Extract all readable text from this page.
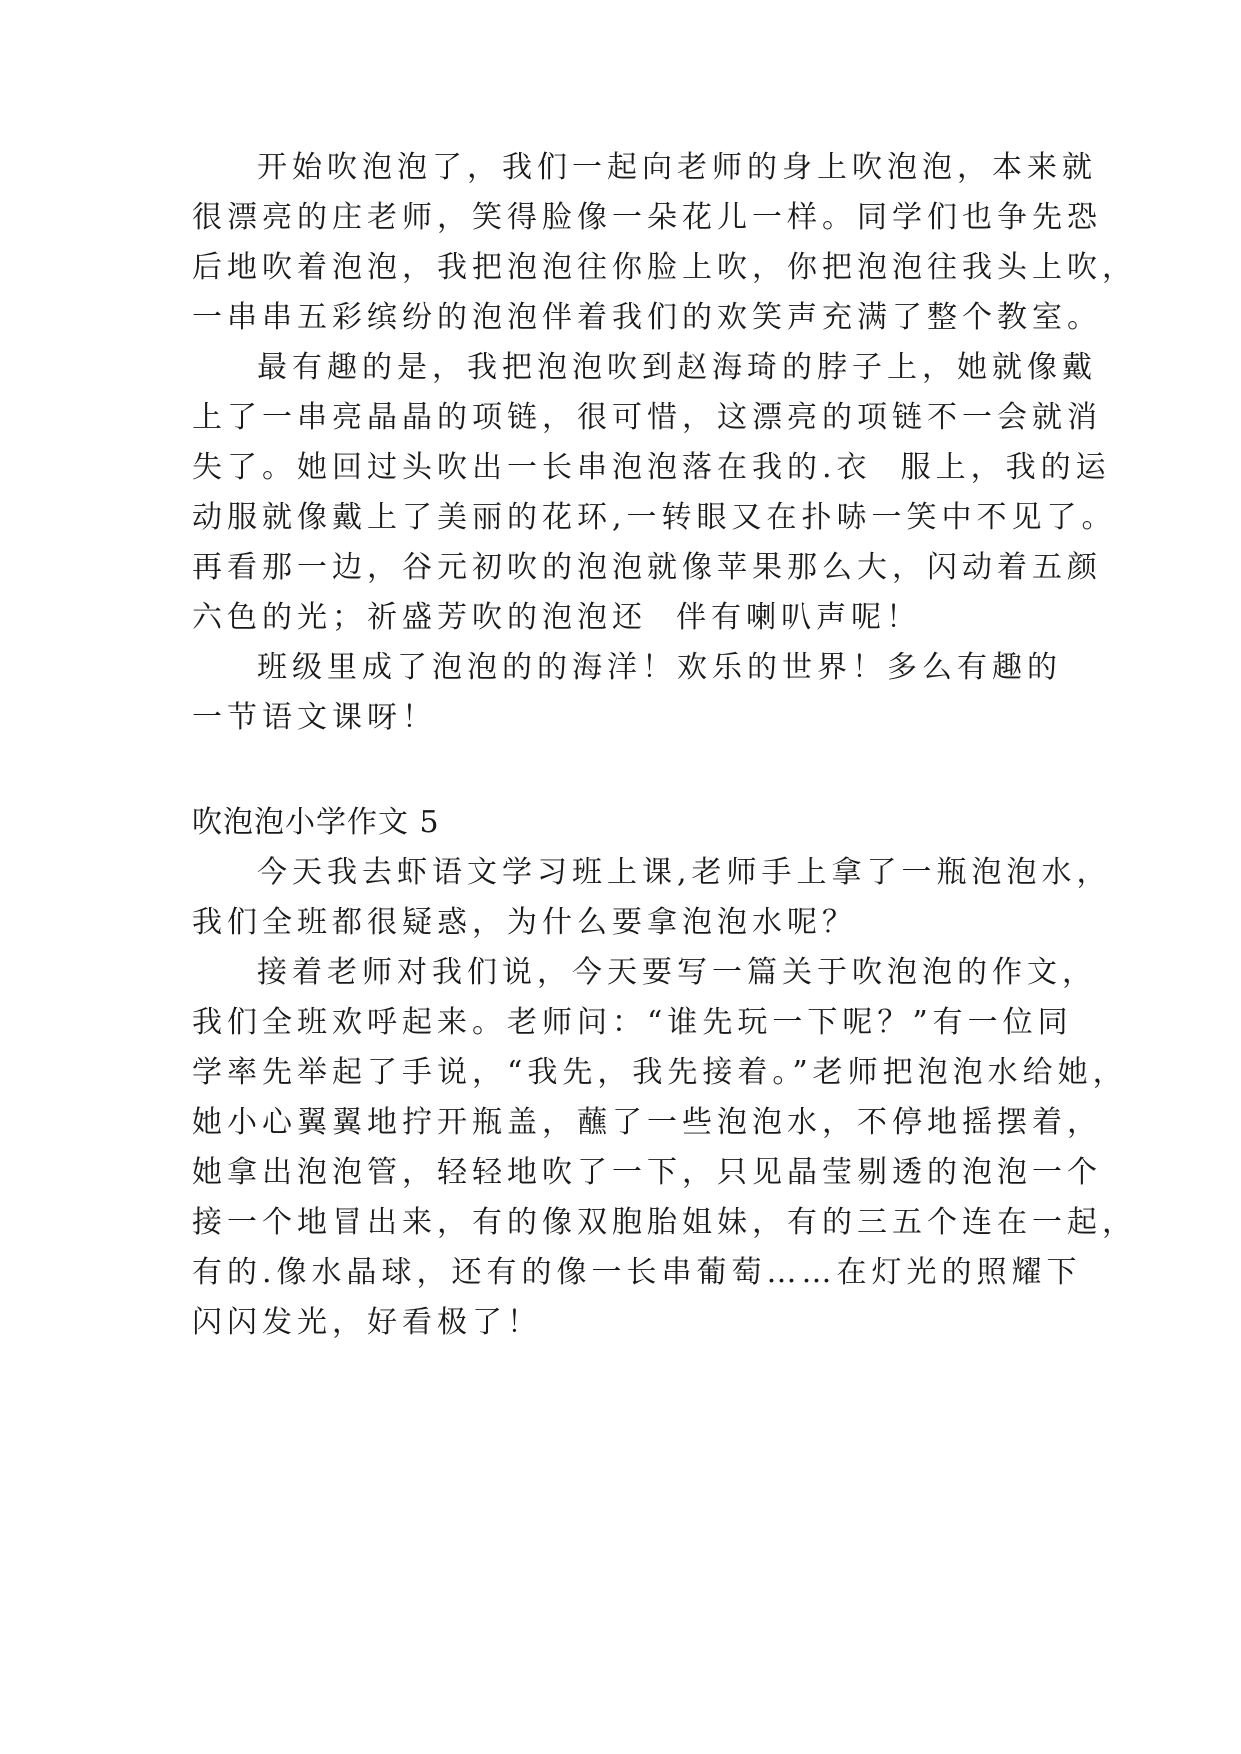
开始吹泡泡了，我们一起向老师的身上吹泡泡，本来就
很漂亮的庄老师，笑得脸像一朵花儿一样。同学们也争先恐
后地吹着泡泡，我把泡泡往你脸上吹，你把泡泡往我头上吹，
一串串五彩缤纷的泡泡伴着我们的欢笑声充满了整个教室。
最有趣的是，我把泡泡吹到赵海琦的脖子上，她就像戴
上了一串亮晶晶的项链，很可惜，这漂亮的项链不一会就消
失了。她回过头吹出一长串泡泡落在我的.衣  服上，我的运
动服就像戴上了美丽的花环,一转眼又在扑哧一笑中不见了。
再看那一边，谷元初吹的泡泡就像苹果那么大，闪动着五颜
六色的光；祈盛芳吹的泡泡还  伴有喇叭声呢！
班级里成了泡泡的的海洋！欢乐的世界！多么有趣的
一节语文课呀！
吹泡泡小学作文 5
今天我去虾语文学习班上课,老师手上拿了一瓶泡泡水，
我们全班都很疑惑，为什么要拿泡泡水呢？
接着老师对我们说，今天要写一篇关于吹泡泡的作文，
我们全班欢呼起来。老师问：“谁先玩一下呢？”有一位同
学率先举起了手说，“我先，我先接着。”老师把泡泡水给她，
她小心翼翼地拧开瓶盖，蘸了一些泡泡水，不停地摇摆着，
她拿出泡泡管，轻轻地吹了一下，只见晶莹剔透的泡泡一个
接一个地冒出来，有的像双胞胎姐妹，有的三五个连在一起，
有的.像水晶球，还有的像一长串葡萄……在灯光的照耀下
闪闪发光，好看极了！
